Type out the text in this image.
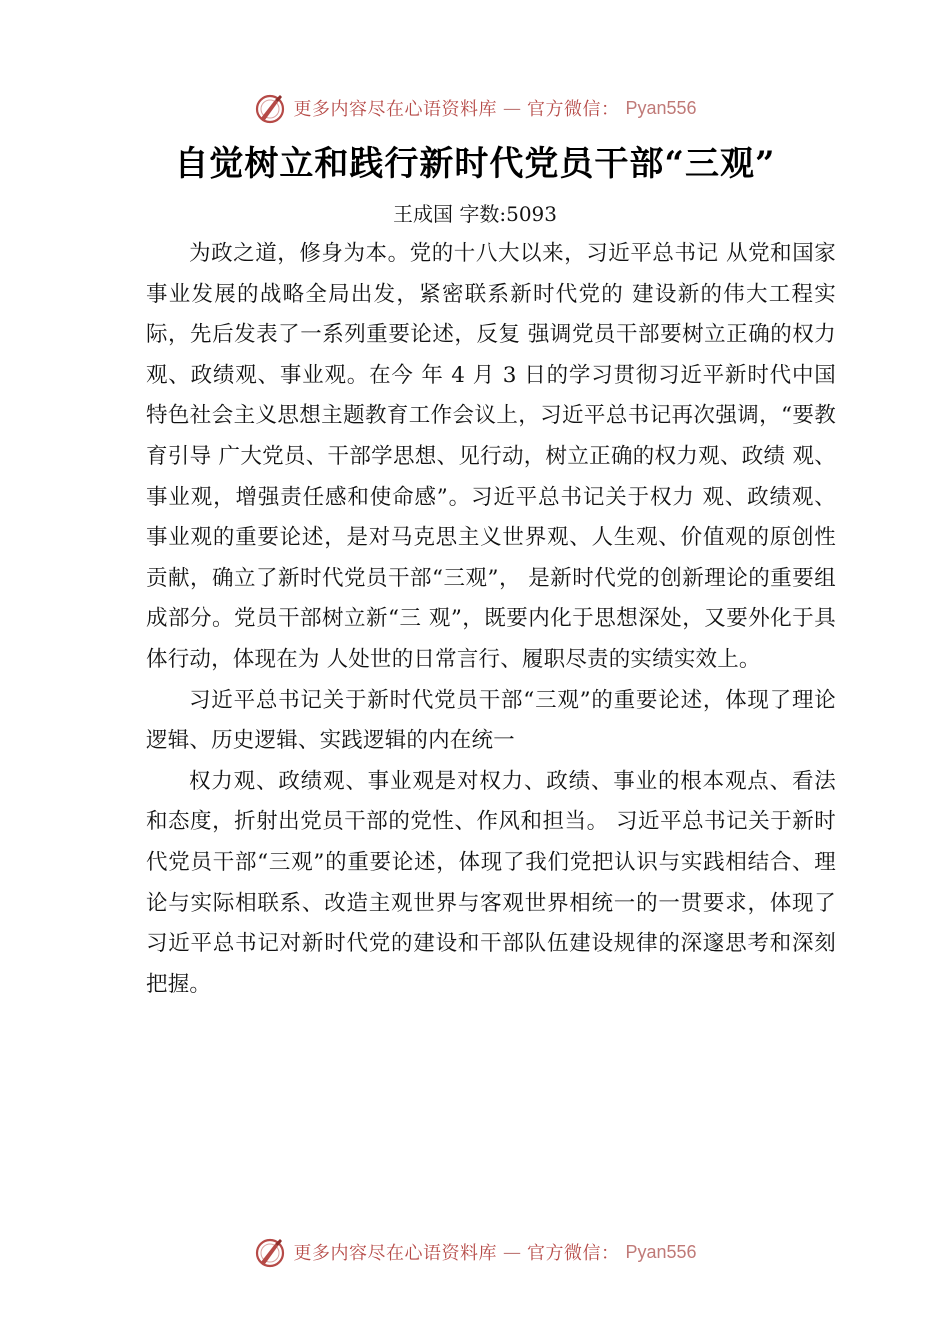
更多内容尽在心语资料库 — 官方微信： Pyan556
自觉树立和践行新时代党员干部“三观”
王成国 字数:5093

为政之道，修身为本。党的十八大以来，习近平总书记 从党和国家事业发展的战略全局出发，紧密联系新时代党的 建设新的伟大工程实际，先后发表了一系列重要论述，反复 强调党员干部要树立正确的权力观、政绩观、事业观。在今 年 4 月 3 日的学习贯彻习近平新时代中国特色社会主义思想主题教育工作会议上，习近平总书记再次强调，“要教育引导 广大党员、干部学思想、见行动，树立正确的权力观、政绩 观、事业观，增强责任感和使命感”。习近平总书记关于权力 观、政绩观、事业观的重要论述，是对马克思主义世界观、人生观、价值观的原创性贡献，确立了新时代党员干部“三观”， 是新时代党的创新理论的重要组成部分。党员干部树立新“三 观”，既要内化于思想深处，又要外化于具体行动，体现在为 人处世的日常言行、履职尽责的实绩实效上。

习近平总书记关于新时代党员干部“三观”的重要论述，体现了理论逻辑、历史逻辑、实践逻辑的内在统一

权力观、政绩观、事业观是对权力、政绩、事业的根本观点、看法和态度，折射出党员干部的党性、作风和担当。 习近平总书记关于新时代党员干部“三观”的重要论述，体现了我们党把认识与实践相结合、理论与实际相联系、改造主观世界与客观世界相统一的一贯要求，体现了习近平总书记对新时代党的建设和干部队伍建设规律的深邃思考和深刻把握。

更多内容尽在心语资料库 — 官方微信： Pyan556
